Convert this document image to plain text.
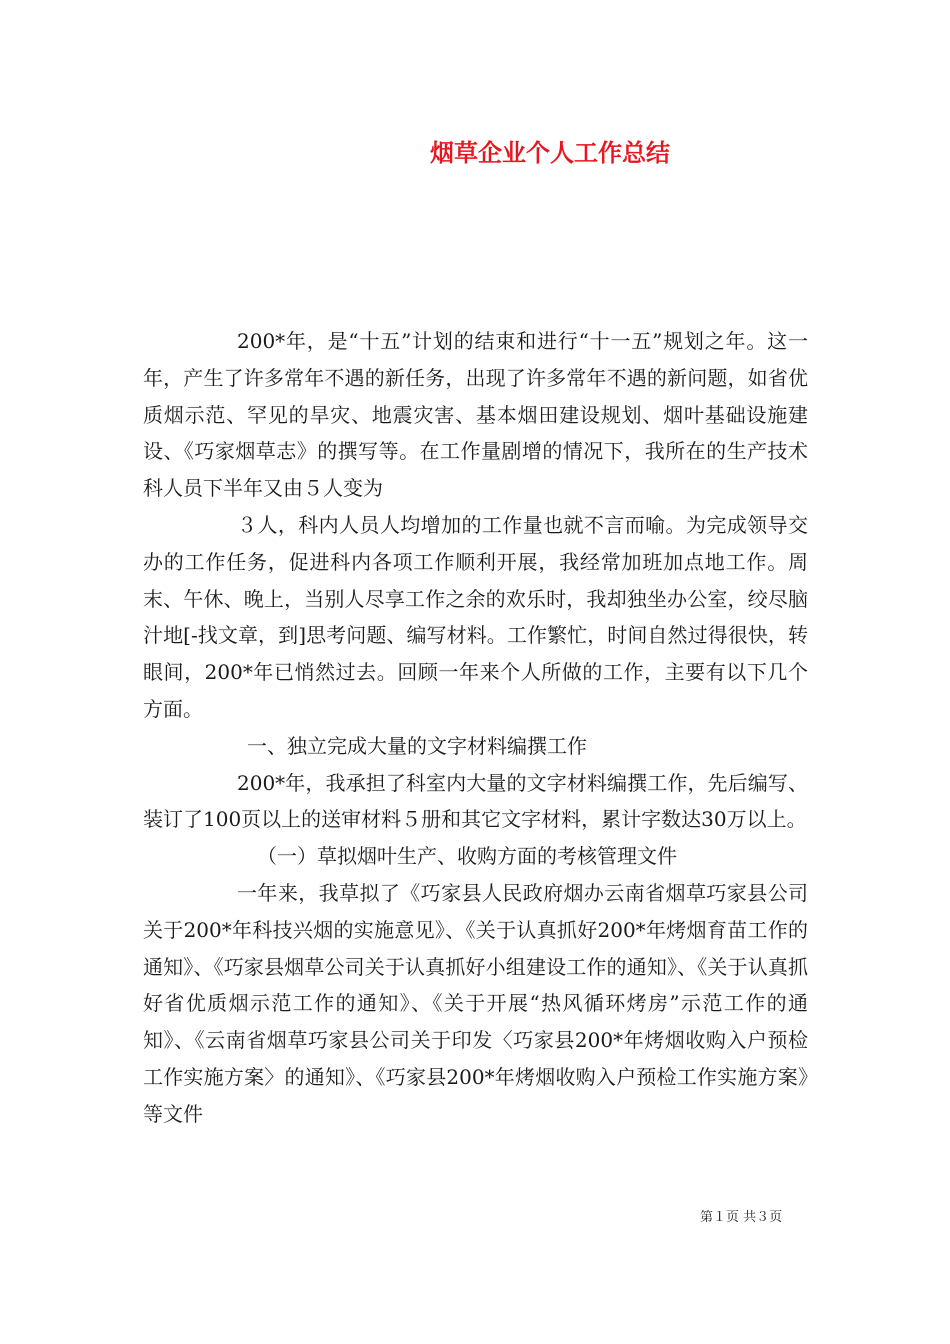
烟草企业个人工作总结

200*年，是“十五”计划的结束和进行“十一五”规划之年。这一年，产生了许多常年不遇的新任务，出现了许多常年不遇的新问题，如省优质烟示范、罕见的旱灾、地震灾害、基本烟田建设规划、烟叶基础设施建设、《巧家烟草志》的撰写等。在工作量剧增的情况下，我所在的生产技术科人员下半年又由５人变为

３人，科内人员人均增加的工作量也就不言而喻。为完成领导交办的工作任务，促进科内各项工作顺利开展，我经常加班加点地工作。周末、午休、晚上，当别人尽享工作之余的欢乐时，我却独坐办公室，绞尽脑汁地[-找文章，到]思考问题、编写材料。工作繁忙，时间自然过得很快，转眼间，200*年已悄然过去。回顾一年来个人所做的工作，主要有以下几个方面。

一、独立完成大量的文字材料编撰工作

200*年，我承担了科室内大量的文字材料编撰工作，先后编写、装订了100页以上的送审材料５册和其它文字材料，累计字数达30万以上。

（一）草拟烟叶生产、收购方面的考核管理文件

一年来，我草拟了《巧家县人民政府烟办云南省烟草巧家县公司关于200*年科技兴烟的实施意见》、《关于认真抓好200*年烤烟育苗工作的通知》、《巧家县烟草公司关于认真抓好小组建设工作的通知》、《关于认真抓好省优质烟示范工作的通知》、《关于开展“热风循环烤房”示范工作的通知》、《云南省烟草巧家县公司关于印发〈巧家县200*年烤烟收购入户预检工作实施方案〉的通知》、《巧家县200*年烤烟收购入户预检工作实施方案》等文件

第１页 共３页
